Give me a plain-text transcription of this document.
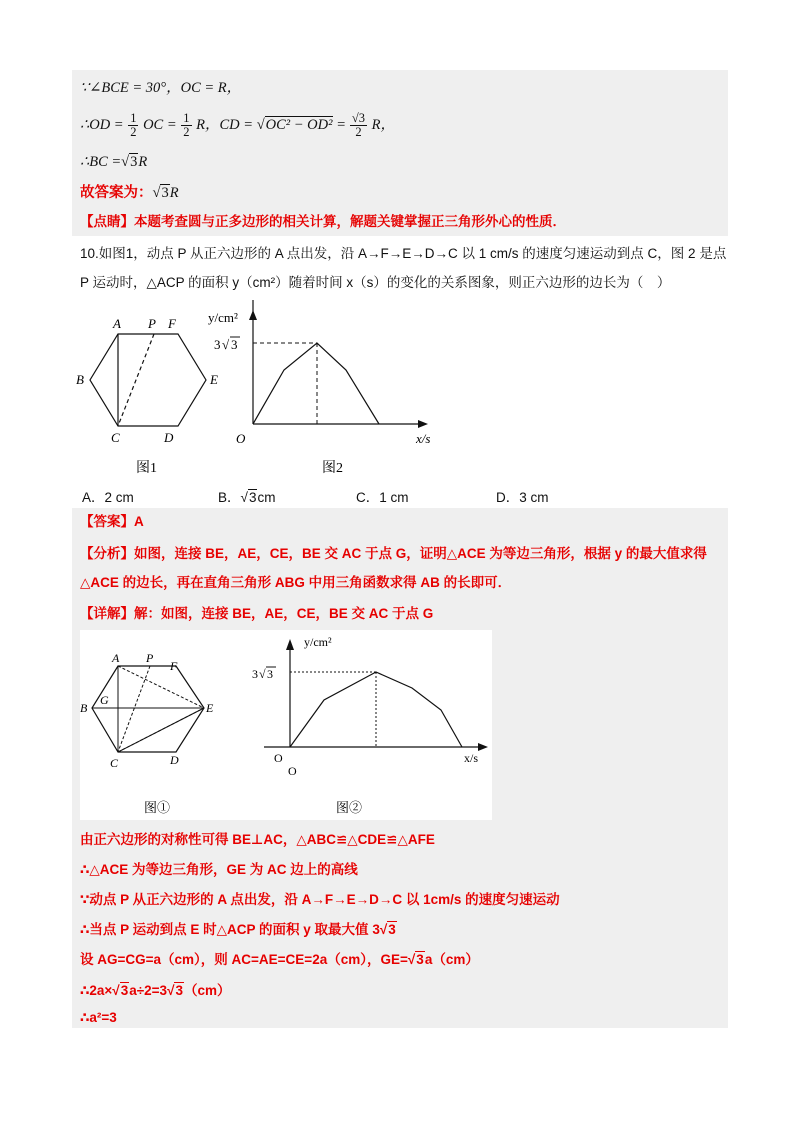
∵∠BCE = 30°，OC = R，
∴OD = $\frac{1}{2}$ OC = $\frac{1}{2}$ R，CD = $√OC^2 - OD^2 = \frac{√3}{2}$ R，
∴BC =√3R
故答案为：√3R
【点睛】本题考查圆与正多边形的相关计算，解题关键掌握正三角形外心的性质．
10.如图1，动点 P 从正六边形的 A 点出发，沿 A→F→E→D→C 以 1 cm/s 的速度匀速运动到点 C，图 2 是点
P 运动时，△ACP 的面积 y（cm²）随着时间 x（s）的变化的关系图象，则正六边形的边长为（　）
A P F
B	E
C	D
图1
y/cm²
3 √ 3
O	x/s
图2
A．2 cm	B．√3cm	C．1 cm	D．3 cm
【答案】A
【分析】如图，连接 BE，AE，CE，BE 交 AC 于点 G，证明△ACE 为等边三角形，根据 y 的最大值求得
△ACE 的边长，再在直角三角形 ABG 中用三角函数求得 AB 的长即可．
【详解】解：如图，连接 BE，AE，CE，BE 交 AC 于点 G
A P
F
B
G
E
C	D
图①
y/cm²
3 √ 3
O
O
x/s
图②
由正六边形的对称性可得 BE⊥AC，△ABC≌△CDE≌△AFE
∴△ACE 为等边三角形，GE 为 AC 边上的高线
∵动点 P 从正六边形的 A 点出发，沿 A→F→E→D→C 以 1cm/s 的速度匀速运动
∴当点 P 运动到点 E 时△ACP 的面积 y 取最大值 3√3
设 AG=CG=a（cm），则 AC=AE=CE=2a（cm），GE=√3a（cm）
∴2a×√3a÷2=3√3（cm）
∴a²=3
